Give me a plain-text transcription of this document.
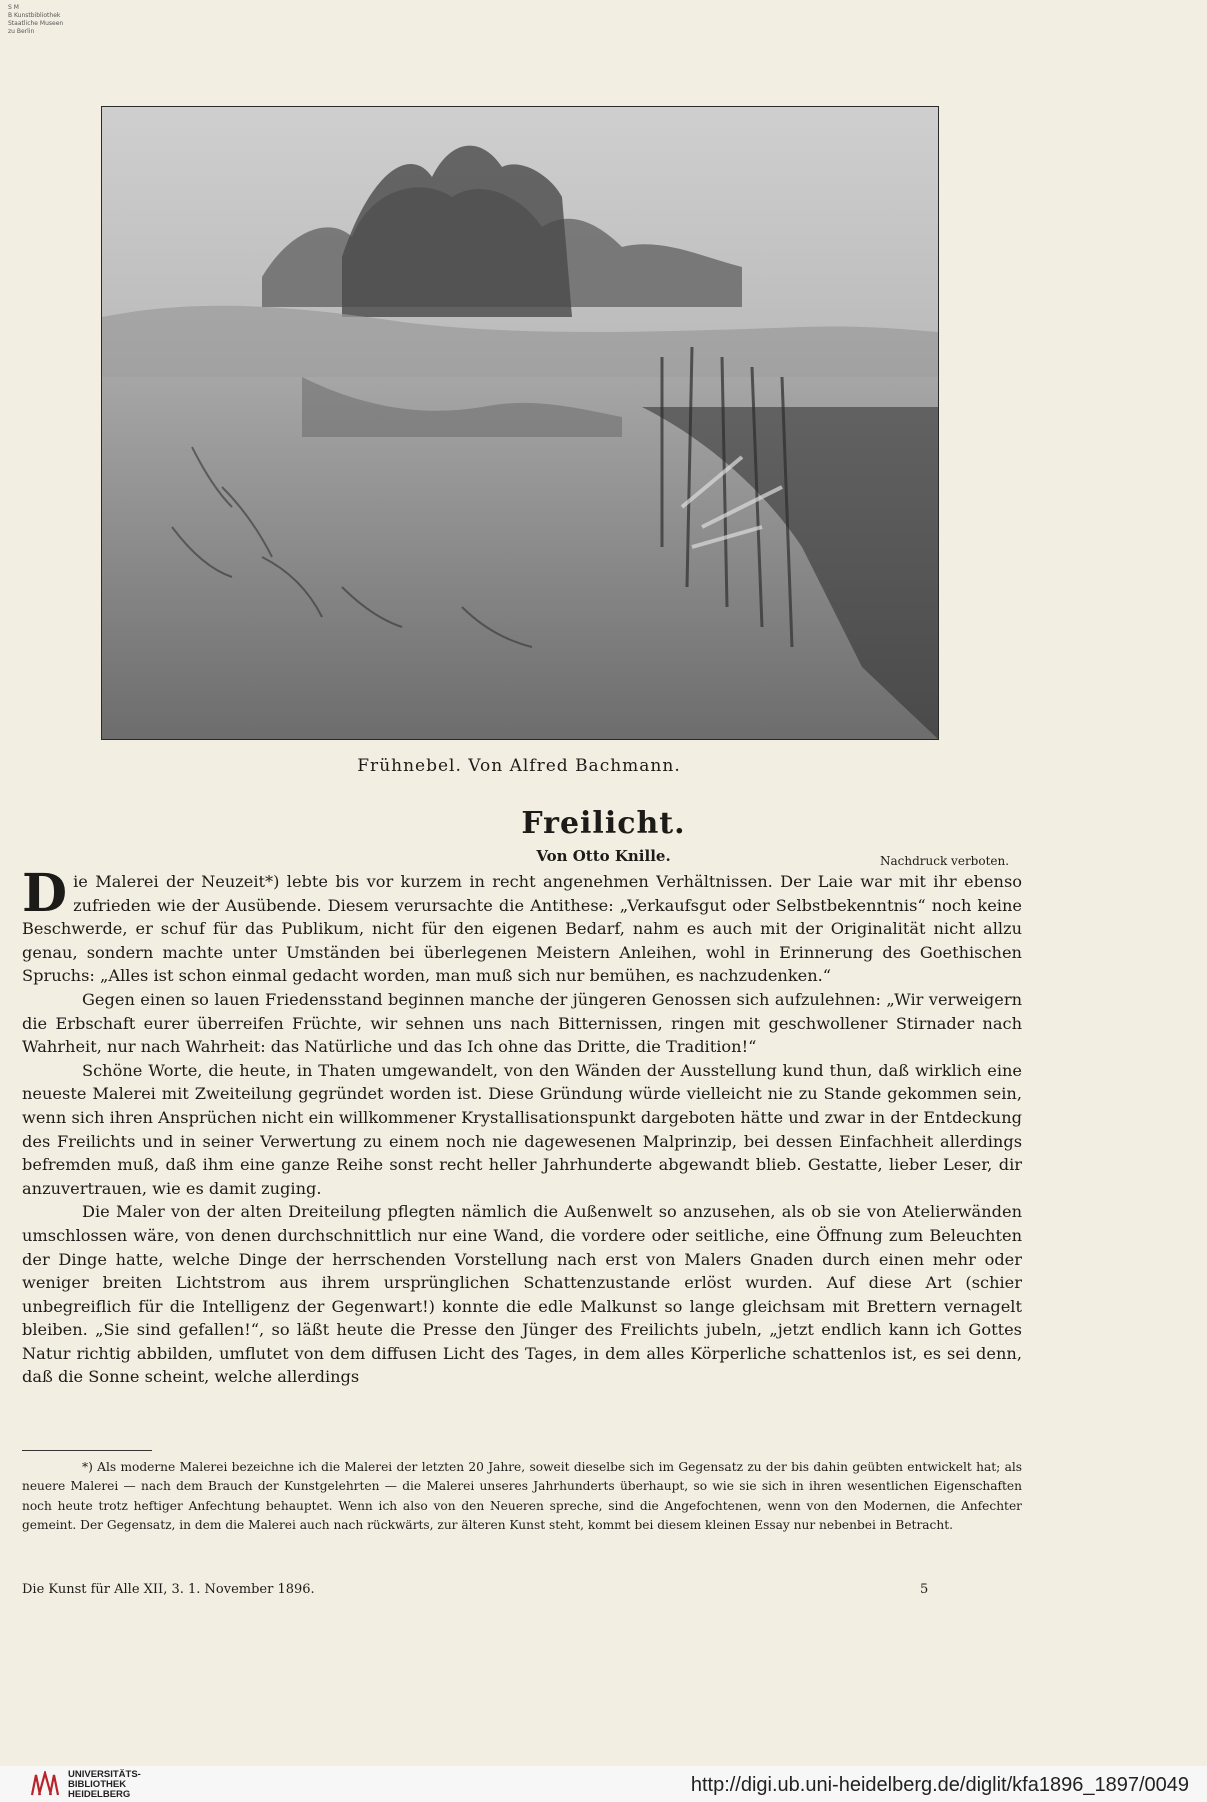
S M
B Kunstbibliothek
Staatliche Museen
zu Berlin
Frühnebel. Von Alfred Bachmann.
Freilicht.
Von Otto Knille.	Nachdruck verboten.

Die Malerei der Neuzeit*) lebte bis vor kurzem in recht angenehmen Verhältnissen. Der Laie war mit ihr ebenso zufrieden wie der Ausübende. Diesem verursachte die Antithese: „Verkaufsgut oder Selbstbekenntnis“ noch keine Beschwerde, er schuf für das Publikum, nicht für den eigenen Bedarf, nahm es auch mit der Originalität nicht allzu genau, sondern machte unter Umständen bei überlegenen Meistern Anleihen, wohl in Erinnerung des Goethischen Spruchs: „Alles ist schon einmal gedacht worden, man muß sich nur bemühen, es nachzudenken.“

Gegen einen so lauen Friedensstand beginnen manche der jüngeren Genossen sich aufzulehnen: „Wir verweigern die Erbschaft eurer überreifen Früchte, wir sehnen uns nach Bitternissen, ringen mit geschwollener Stirnader nach Wahrheit, nur nach Wahrheit: das Natürliche und das Ich ohne das Dritte, die Tradition!“

Schöne Worte, die heute, in Thaten umgewandelt, von den Wänden der Ausstellung kund thun, daß wirklich eine neueste Malerei mit Zweiteilung gegründet worden ist. Diese Gründung würde vielleicht nie zu Stande gekommen sein, wenn sich ihren Ansprüchen nicht ein willkommener Krystallisationspunkt dargeboten hätte und zwar in der Entdeckung des Freilichts und in seiner Verwertung zu einem noch nie dagewesenen Malprinzip, bei dessen Einfachheit allerdings befremden muß, daß ihm eine ganze Reihe sonst recht heller Jahrhunderte abgewandt blieb. Gestatte, lieber Leser, dir anzuvertrauen, wie es damit zuging.

Die Maler von der alten Dreiteilung pflegten nämlich die Außenwelt so anzusehen, als ob sie von Atelierwänden umschlossen wäre, von denen durchschnittlich nur eine Wand, die vordere oder seitliche, eine Öffnung zum Beleuchten der Dinge hatte, welche Dinge der herrschenden Vorstellung nach erst von Malers Gnaden durch einen mehr oder weniger breiten Lichtstrom aus ihrem ursprünglichen Schattenzustande erlöst wurden. Auf diese Art (schier unbegreiflich für die Intelligenz der Gegenwart!) konnte die edle Malkunst so lange gleichsam mit Brettern vernagelt bleiben. „Sie sind gefallen!“, so läßt heute die Presse den Jünger des Freilichts jubeln, „jetzt endlich kann ich Gottes Natur richtig abbilden, umflutet von dem diffusen Licht des Tages, in dem alles Körperliche schattenlos ist, es sei denn, daß die Sonne scheint, welche allerdings

*) Als moderne Malerei bezeichne ich die Malerei der letzten 20 Jahre, soweit dieselbe sich im Gegensatz zu der bis dahin geübten entwickelt hat; als neuere Malerei — nach dem Brauch der Kunstgelehrten — die Malerei unseres Jahrhunderts überhaupt, so wie sie sich in ihren wesentlichen Eigenschaften noch heute trotz heftiger Anfechtung behauptet. Wenn ich also von den Neueren spreche, sind die Angefochtenen, wenn von den Modernen, die Anfechter gemeint. Der Gegensatz, in dem die Malerei auch nach rückwärts, zur älteren Kunst steht, kommt bei diesem kleinen Essay nur nebenbei in Betracht.

Die Kunst für Alle XII, 3. 1. November 1896.	5
UNIVERSITÄTS-
BIBLIOTHEK
HEIDELBERG	http://digi.ub.uni-heidelberg.de/diglit/kfa1896_1897/0049
